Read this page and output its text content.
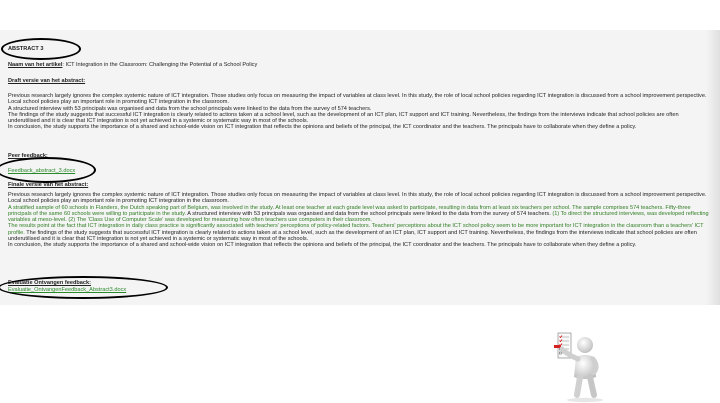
ABSTRACT 3
Naam van het artikel: ICT Integration in the Classroom: Challenging the Potential of a School Policy
Draft versie van het abstract:
Previous research largely ignores the complex systemic nature of ICT integration. Those studies only focus on measuring the impact of variables at class level. In this study, the role of local school policies regarding ICT integration is discussed from a school improvement perspective. Local school policies play an important role in promoting ICT integration in the classroom.
A structured interview with 53 principals was organised and data from the school principals were linked to the data from the survey of 574 teachers.
The findings of the study suggests that successful ICT integration is clearly related to actions taken at a school level, such as the development of an ICT plan, ICT support and ICT training. Nevertheless, the findings from the interviews indicate that school policies are often underutilised and it is clear that ICT integration is not yet achieved in a systemic or systematic way in most of the schools.
In conclusion, the study supports the importance of a shared and school-wide vision on ICT integration that reflects the opinions and beliefs of the principal, the ICT coordinator and the teachers. The principals have to collaborate when they define a policy.
Peer feedback:
Feedback_abstract_3.docx
Finale versie van het abstract:
Previous research largely ignores the complex systemic nature of ICT integration. Those studies only focus on measuring the impact of variables at class level. In this study, the role of local school policies regarding ICT integration is discussed from a school improvement perspective. Local school policies play an important role in promoting ICT integration in the classroom.
A stratified sample of 60 schools in Flanders, the Dutch speaking part of Belgium, was involved in the study. At least one teacher at each grade level was asked to participate, resulting in data from at least six teachers per school. The sample comprises 574 teachers. Fifty-three principals of the same 60 schools were willing to participate in the study. A structured interview with 53 principals was organised and data from the school principals were linked to the data from the survey of 574 teachers. (1) To direct the structured interviews, was developed reflecting variables at meso-level. (2) The 'Class Use of Computer Scale' was developed for measuring how often teachers use computers in their classroom.
The results point at the fact that ICT integration in daily class practice is significantly associated with teachers' perceptions of policy-related factors. Teachers' perceptions about the ICT school policy seem to be more important for ICT integration in the classroom than a teachers' ICT profile. The findings of the study suggests that successful ICT integration is clearly related to actions taken at a school level, such as the development of an ICT plan, ICT support and ICT training. Nevertheless, the findings from the interviews indicate that school policies are often underutilised and it is clear that ICT integration is not yet achieved in a systemic or systematic way in most of the schools.
In conclusion, the study supports the importance of a shared and school-wide vision on ICT integration that reflects the opinions and beliefs of the principal, the ICT coordinator and the teachers. The principals have to collaborate when they define a policy.
Evaluatie Ontvangen feedback:
Evaluatie_OntvangenFeedback_Abstract3.docx
